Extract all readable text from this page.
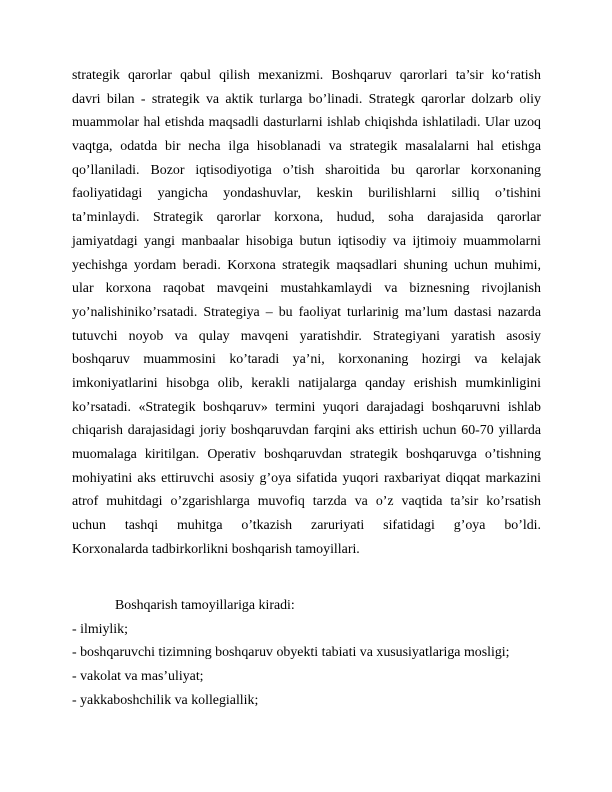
strategik qarorlar qabul qilish mexanizmi. Boshqaruv qarorlari ta’sir ko‘ratish
davri bilan - strategik va aktik turlarga bo’linadi. Strategk qarorlar dolzarb oliy
muammolar hal etishda maqsadli dasturlarni ishlab chiqishda ishlatiladi. Ular uzoq
vaqtga, odatda bir necha ilga hisoblanadi va strategik masalalarni hal etishga
qo’llaniladi. Bozor iqtisodiyotiga o’tish sharoitida bu qarorlar korxonaning
faoliyatidagi yangicha yondashuvlar, keskin burilishlarni silliq o’tishini
ta’minlaydi. Strategik qarorlar korxona, hudud, soha darajasida qarorlar
jamiyatdagi yangi manbaalar hisobiga butun iqtisodiy va ijtimoiy muammolarni
yechishga yordam beradi. Korxona strategik maqsadlari shuning uchun muhimi,
ular korxona raqobat mavqeini mustahkamlaydi va biznesning rivojlanish
yo’nalishiniko’rsatadi. Strategiya – bu faoliyat turlarinig ma’lum dastasi nazarda
tutuvchi noyob va qulay mavqeni yaratishdir. Strategiyani yaratish asosiy
boshqaruv muammosini ko’taradi ya’ni, korxonaning hozirgi va kelajak
imkoniyatlarini hisobga olib, kerakli natijalarga qanday erishish mumkinligini
ko’rsatadi. «Strategik boshqaruv» termini yuqori darajadagi boshqaruvni ishlab
chiqarish darajasidagi joriy boshqaruvdan farqini aks ettirish uchun 60-70 yillarda
muomalaga kiritilgan. Operativ boshqaruvdan strategik boshqaruvga o’tishning
mohiyatini aks ettiruvchi asosiy g’oya sifatida yuqori raxbariyat diqqat markazini
atrof muhitdagi o’zgarishlarga muvofiq tarzda va o’z vaqtida ta’sir ko’rsatish
uchun tashqi muhitga o’tkazish zaruriyati sifatidagi g’oya bo’ldi.
Korxonalarda tadbirkorlikni boshqarish tamoyillari.
Boshqarish tamoyillariga kiradi:
- ilmiylik;
- boshqaruvchi tizimning boshqaruv obyekti tabiati va xususiyatlariga mosligi;
- vakolat va mas’uliyat;
- yakkaboshchilik va kollegiallik;
